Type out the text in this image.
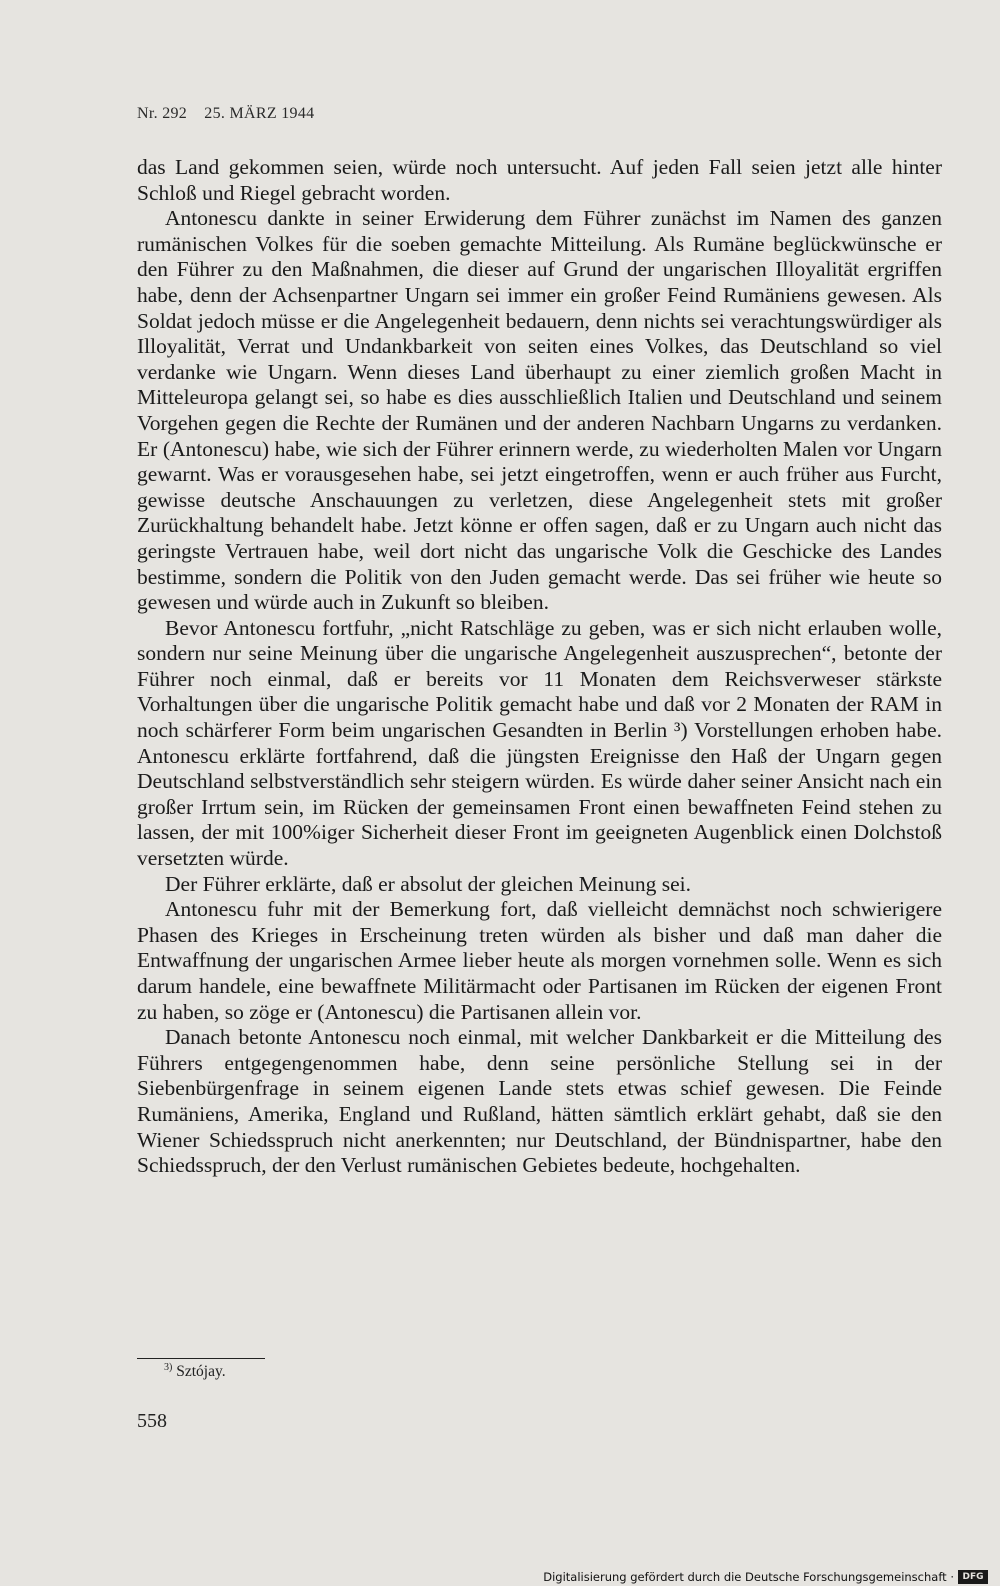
Nr. 292    25. MÄRZ 1944

das Land gekommen seien, würde noch untersucht. Auf jeden Fall seien jetzt alle hinter Schloß und Riegel gebracht worden.

Antonescu dankte in seiner Erwiderung dem Führer zunächst im Namen des ganzen rumänischen Volkes für die soeben gemachte Mitteilung. Als Rumäne beglückwünsche er den Führer zu den Maßnahmen, die dieser auf Grund der ungarischen Illoyalität ergriffen habe, denn der Achsenpartner Ungarn sei immer ein großer Feind Rumäniens gewesen. Als Soldat jedoch müsse er die Angelegenheit bedauern, denn nichts sei verachtungswürdiger als Illoyalität, Verrat und Undankbarkeit von seiten eines Volkes, das Deutschland so viel verdanke wie Ungarn. Wenn dieses Land überhaupt zu einer ziemlich großen Macht in Mitteleuropa gelangt sei, so habe es dies ausschließlich Italien und Deutschland und seinem Vorgehen gegen die Rechte der Rumänen und der anderen Nachbarn Ungarns zu verdanken. Er (Antonescu) habe, wie sich der Führer erinnern werde, zu wiederholten Malen vor Ungarn gewarnt. Was er vorausgesehen habe, sei jetzt eingetroffen, wenn er auch früher aus Furcht, gewisse deutsche Anschauungen zu verletzen, diese Angelegenheit stets mit großer Zurückhaltung behandelt habe. Jetzt könne er offen sagen, daß er zu Ungarn auch nicht das geringste Vertrauen habe, weil dort nicht das ungarische Volk die Geschicke des Landes bestimme, sondern die Politik von den Juden gemacht werde. Das sei früher wie heute so gewesen und würde auch in Zukunft so bleiben.

Bevor Antonescu fortfuhr, „nicht Ratschläge zu geben, was er sich nicht erlauben wolle, sondern nur seine Meinung über die ungarische Angelegenheit auszusprechen“, betonte der Führer noch einmal, daß er bereits vor 11 Monaten dem Reichsverweser stärkste Vorhaltungen über die ungarische Politik gemacht habe und daß vor 2 Monaten der RAM in noch schärferer Form beim ungarischen Gesandten in Berlin ³) Vorstellungen erhoben habe. Antonescu erklärte fortfahrend, daß die jüngsten Ereignisse den Haß der Ungarn gegen Deutschland selbstverständlich sehr steigern würden. Es würde daher seiner Ansicht nach ein großer Irrtum sein, im Rücken der gemeinsamen Front einen bewaffneten Feind stehen zu lassen, der mit 100%iger Sicherheit dieser Front im geeigneten Augenblick einen Dolchstoß versetzten würde.

Der Führer erklärte, daß er absolut der gleichen Meinung sei.

Antonescu fuhr mit der Bemerkung fort, daß vielleicht demnächst noch schwierigere Phasen des Krieges in Erscheinung treten würden als bisher und daß man daher die Entwaffnung der ungarischen Armee lieber heute als morgen vornehmen solle. Wenn es sich darum handele, eine bewaffnete Militärmacht oder Partisanen im Rücken der eigenen Front zu haben, so zöge er (Antonescu) die Partisanen allein vor.

Danach betonte Antonescu noch einmal, mit welcher Dankbarkeit er die Mitteilung des Führers entgegengenommen habe, denn seine persönliche Stellung sei in der Siebenbürgenfrage in seinem eigenen Lande stets etwas schief gewesen. Die Feinde Rumäniens, Amerika, England und Rußland, hätten sämtlich erklärt gehabt, daß sie den Wiener Schiedsspruch nicht anerkennten; nur Deutschland, der Bündnispartner, habe den Schiedsspruch, der den Verlust rumänischen Gebietes bedeute, hochgehalten.

$^{3)}$ Sztójay.
558
Digitalisierung gefördert durch die Deutsche Forschungsgemeinschaft · DFG
